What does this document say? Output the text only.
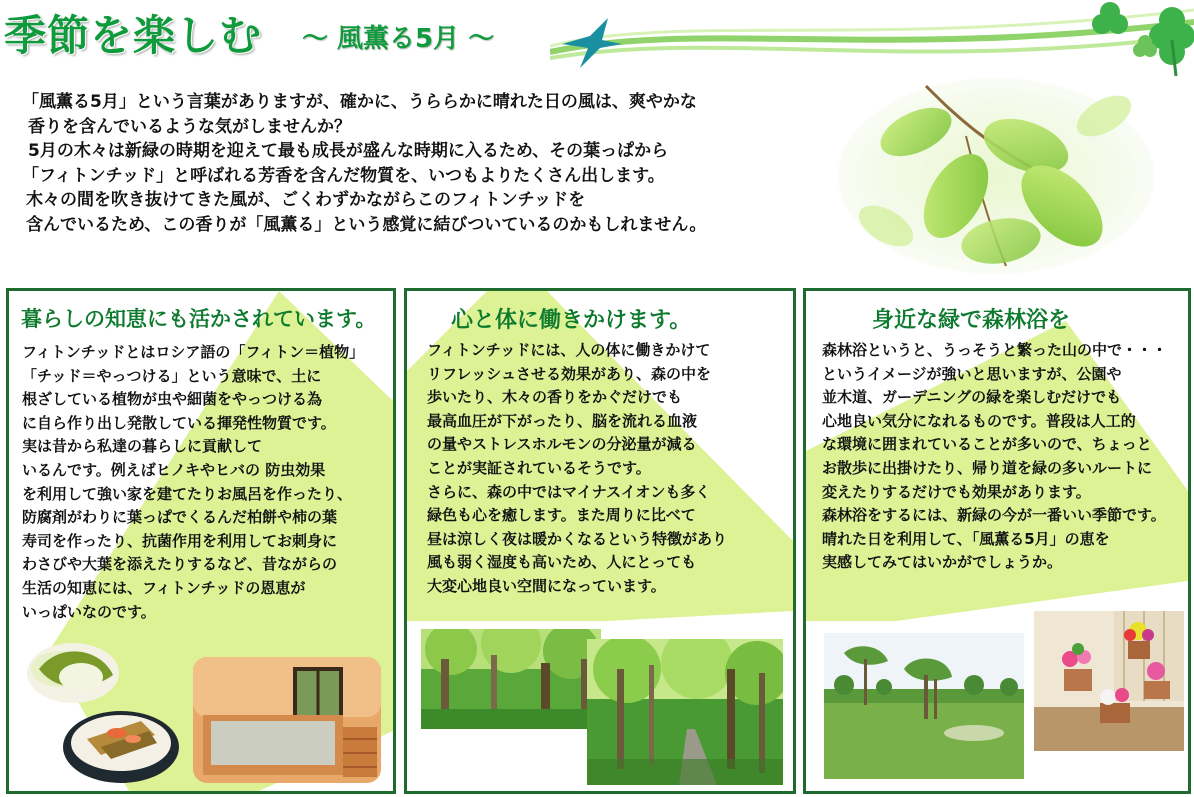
季節を楽しむ ～ 風薫る5月 ～

「風薫る5月」という言葉がありますが、確かに、うららかに晴れた日の風は、爽やかな

香りを含んでいるような気がしませんか？

5月の木々は新緑の時期を迎えて最も成長が盛んな時期に入るため、その葉っぱから

「フィトンチッド」と呼ばれる芳香を含んだ物質を、いつもよりたくさん出します。

木々の間を吹き抜けてきた風が、ごくわずかながらこのフィトンチッドを

含んでいるため、この香りが「風薫る」という感覚に結びついているのかもしれません。

暮らしの知恵にも活かされています。

フィトンチッドとはロシア語の「フィトン＝植物」

「チッド＝やっつける」という意味で、土に

根ざしている植物が虫や細菌をやっつける為

に自ら作り出し発散している揮発性物質です。

実は昔から私達の暮らしに貢献して

いるんです。例えばヒノキやヒバの 防虫効果

を利用して強い家を建てたりお風呂を作ったり、

防腐剤がわりに葉っぱでくるんだ柏餅や柿の葉

寿司を作ったり、抗菌作用を利用してお刺身に

わさびや大葉を添えたりするなど、昔ながらの

生活の知恵には、フィトンチッドの恩恵が

いっぱいなのです。

心と体に働きかけます。

フィトンチッドには、人の体に働きかけて

リフレッシュさせる効果があり、森の中を

歩いたり、木々の香りをかぐだけでも

最高血圧が下がったり、脳を流れる血液

の量やストレスホルモンの分泌量が減る

ことが実証されているそうです。

さらに、森の中ではマイナスイオンも多く

緑色も心を癒します。また周りに比べて

昼は涼しく夜は暖かくなるという特徴があり

風も弱く湿度も高いため、人にとっても

大変心地良い空間になっています。

身近な緑で森林浴を

森林浴というと、うっそうと繁った山の中で・・・

というイメージが強いと思いますが、公園や

並木道、ガーデニングの緑を楽しむだけでも

心地良い気分になれるものです。普段は人工的

な環境に囲まれていることが多いので、ちょっと

お散歩に出掛けたり、帰り道を緑の多いルートに

変えたりするだけでも効果があります。

森林浴をするには、新緑の今が一番いい季節です。

晴れた日を利用して、「風薫る5月」の恵を

実感してみてはいかがでしょうか。
